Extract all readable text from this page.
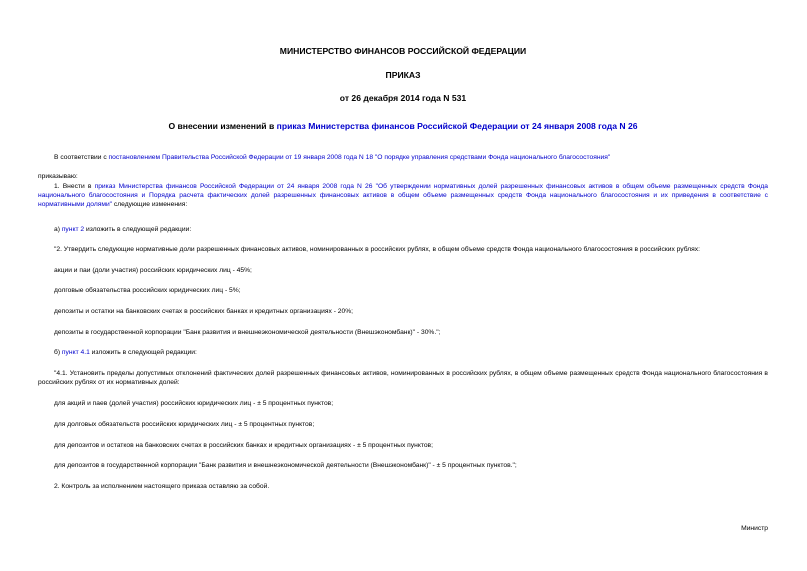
МИНИСТЕРСТВО ФИНАНСОВ РОССИЙСКОЙ ФЕДЕРАЦИИ
ПРИКАЗ
от 26 декабря 2014 года N 531
О внесении изменений в приказ Министерства финансов Российской Федерации от 24 января 2008 года N 26
В соответствии с постановлением Правительства Российской Федерации от 19 января 2008 года N 18 "О порядке управления средствами Фонда национального благосостояния"
приказываю:
1. Внести в приказ Министерства финансов Российской Федерации от 24 января 2008 года N 26 "Об утверждении нормативных долей разрешенных финансовых активов в общем объеме размещенных средств Фонда национального благосостояния и Порядка расчета фактических долей разрешенных финансовых активов в общем объеме размещенных средств Фонда национального благосостояния и их приведения в соответствие с нормативными долями" следующие изменения:
а) пункт 2 изложить в следующей редакции:
"2. Утвердить следующие нормативные доли разрешенных финансовых активов, номинированных в российских рублях, в общем объеме средств Фонда национального благосостояния в российских рублях:
акции и паи (доли участия) российских юридических лиц - 45%;
долговые обязательства российских юридических лиц - 5%;
депозиты и остатки на банковских счетах в российских банках и кредитных организациях - 20%;
депозиты в государственной корпорации "Банк развития и внешнеэкономической деятельности (Внешэкономбанк)" - 30%.";
б) пункт 4.1 изложить в следующей редакции:
"4.1. Установить пределы допустимых отклонений фактических долей разрешенных финансовых активов, номинированных в российских рублях, в общем объеме размещенных средств Фонда национального благосостояния в российских рублях от их нормативных долей:
для акций и паев (долей участия) российских юридических лиц - ± 5 процентных пунктов;
для долговых обязательств российских юридических лиц - ± 5 процентных пунктов;
для депозитов и остатков на банковских счетах в российских банках и кредитных организациях - ± 5 процентных пунктов;
для депозитов в государственной корпорации "Банк развития и внешнеэкономической деятельности (Внешэкономбанк)" - ± 5 процентных пунктов.";
2. Контроль за исполнением настоящего приказа оставляю за собой.
Министр
